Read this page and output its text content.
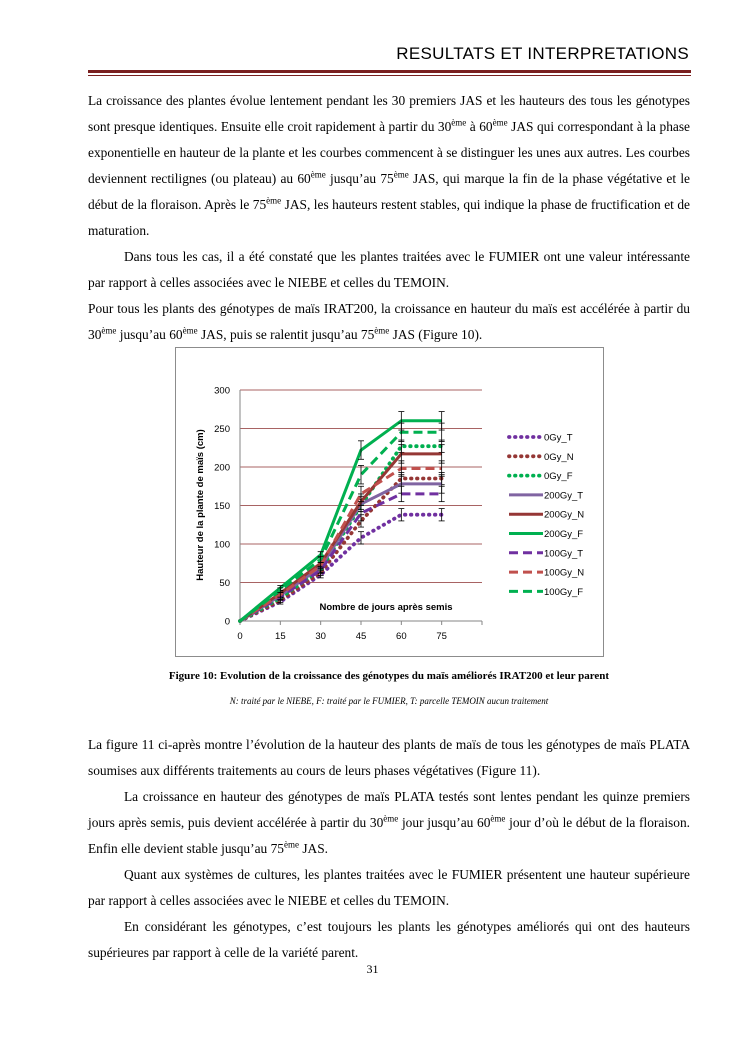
RESULTATS ET INTERPRETATIONS

La croissance des plantes évolue lentement pendant les 30 premiers JAS et les hauteurs des tous les génotypes sont presque identiques. Ensuite elle croit rapidement à partir du 30ème à 60ème JAS qui correspondant à la phase exponentielle en hauteur de la plante et les courbes commencent à se distinguer les unes aux autres. Les courbes deviennent rectilignes (ou plateau) au 60ème jusqu’au 75ème JAS, qui marque la fin de la phase végétative et le début de la floraison. Après le 75ème JAS, les hauteurs restent stables, qui indique la phase de fructification et de maturation.

Dans tous les cas, il a été constaté que les plantes traitées avec le FUMIER ont une valeur intéressante par rapport à celles associées avec le NIEBE et celles du TEMOIN.

Pour tous les plants des génotypes de maïs IRAT200, la croissance en hauteur du maïs est accélérée à partir du 30ème jusqu’au 60ème JAS, puis se ralentit jusqu’au 75ème JAS (Figure 10).

0
50
100
150
200
250
300
0	15	30	45	60	75
Nombre de jours après semis
Hauteur de la plante de maïs (cm)	0Gy_T
0Gy_N
0Gy_F
200Gy_T
200Gy_N
200Gy_F
100Gy_T
100Gy_N
100Gy_F
Figure 10: Evolution de la croissance des génotypes du maïs améliorés IRAT200 et leur parent
N: traité par le NIEBE, F: traité par le FUMIER, T: parcelle TEMOIN aucun traitement

La figure 11 ci-après montre l’évolution de la hauteur des plants de maïs de tous les génotypes de maïs PLATA soumises aux différents traitements au cours de leurs phases végétatives (Figure 11).

La croissance en hauteur des génotypes de maïs PLATA testés sont lentes pendant les quinze premiers jours après semis, puis devient accélérée à partir du 30ème jour jusqu’au 60ème jour d’où le début de la floraison. Enfin elle devient stable jusqu’au 75ème JAS.

Quant aux systèmes de cultures, les plantes traitées avec le FUMIER présentent une hauteur supérieure par rapport à celles associées avec le NIEBE et celles du TEMOIN.

En considérant les génotypes, c’est toujours les plants les génotypes améliorés qui ont des hauteurs supérieures par rapport à celle de la variété parent.

31
